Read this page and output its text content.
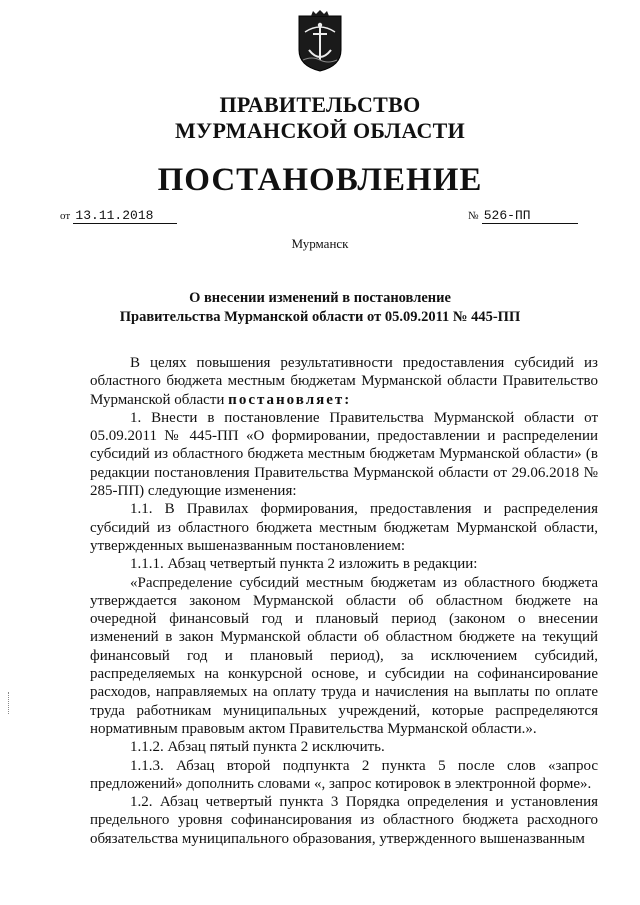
ПРАВИТЕЛЬСТВО
МУРМАНСКОЙ ОБЛАСТИ
ПОСТАНОВЛЕНИЕ
от 13.11.2018	№ 526-ПП
Мурманск
О внесении изменений в постановление
Правительства Мурманской области от 05.09.2011 № 445-ПП

В целях повышения результативности предоставления субсидий из областного бюджета местным бюджетам Мурманской области Правительство Мурманской области постановляет:

1. Внести в постановление Правительства Мурманской области от 05.09.2011 № 445-ПП «О формировании, предоставлении и распределении субсидий из областного бюджета местным бюджетам Мурманской области» (в редакции постановления Правительства Мурманской области от 29.06.2018 № 285-ПП) следующие изменения:

1.1. В Правилах формирования, предоставления и распределения субсидий из областного бюджета местным бюджетам Мурманской области, утвержденных вышеназванным постановлением:

1.1.1. Абзац четвертый пункта 2 изложить в редакции:

«Распределение субсидий местным бюджетам из областного бюджета утверждается законом Мурманской области об областном бюджете на очередной финансовый год и плановый период (законом о внесении изменений в закон Мурманской области об областном бюджете на текущий финансовый год и плановый период), за исключением субсидий, распределяемых на конкурсной основе, и субсидии на софинансирование расходов, направляемых на оплату труда и начисления на выплаты по оплате труда работникам муниципальных учреждений, которые распределяются нормативным правовым актом Правительства Мурманской области.».

1.1.2. Абзац пятый пункта 2 исключить.

1.1.3. Абзац второй подпункта 2 пункта 5 после слов «запрос предложений» дополнить словами «, запрос котировок в электронной форме».

1.2. Абзац четвертый пункта 3 Порядка определения и установления предельного уровня софинансирования из областного бюджета расходного обязательства муниципального образования, утвержденного вышеназванным
